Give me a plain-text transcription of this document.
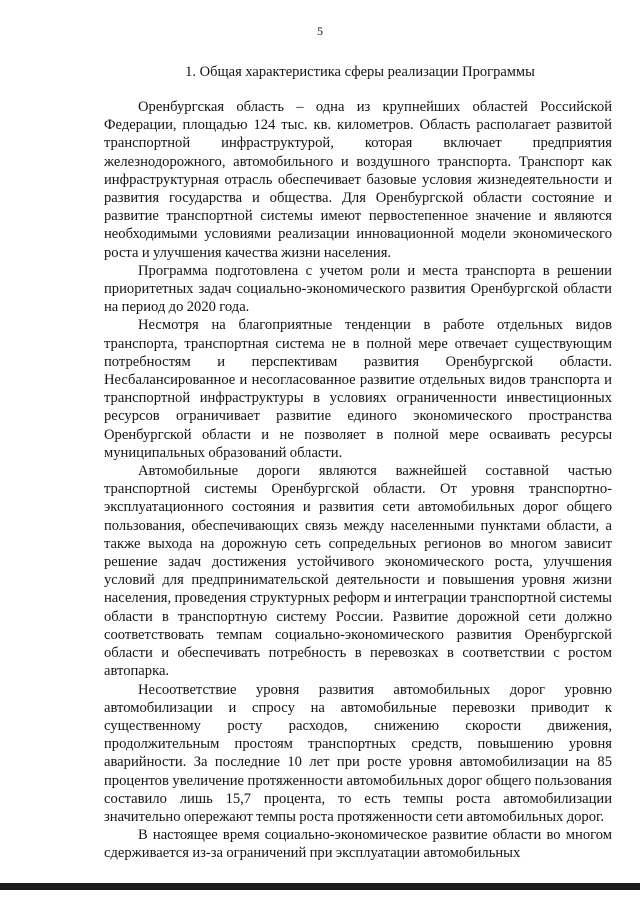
5
1. Общая характеристика сферы реализации Программы

Оренбургская область – одна из крупнейших областей Российской Федерации, площадью 124 тыс. кв. километров. Область располагает развитой транспортной инфраструктурой, которая включает предприятия железнодорожного, автомобильного и воздушного транспорта. Транспорт как инфраструктурная отрасль обеспечивает базовые условия жизнедеятельности и развития государства и общества. Для Оренбургской области состояние и развитие транспортной системы имеют первостепенное значение и являются необходимыми условиями реализации инновационной модели экономического роста и улучшения качества жизни населения.

Программа подготовлена с учетом роли и места транспорта в решении приоритетных задач социально-экономического развития Оренбургской области на период до 2020 года.

Несмотря на благоприятные тенденции в работе отдельных видов транспорта, транспортная система не в полной мере отвечает существующим потребностям и перспективам развития Оренбургской области. Несбалансированное и несогласованное развитие отдельных видов транспорта и транспортной инфраструктуры в условиях ограниченности инвестиционных ресурсов ограничивает развитие единого экономического пространства Оренбургской области и не позволяет в полной мере осваивать ресурсы муниципальных образований области.

Автомобильные дороги являются важнейшей составной частью транспортной системы Оренбургской области. От уровня транспортно-эксплуатационного состояния и развития сети автомобильных дорог общего пользования, обеспечивающих связь между населенными пунктами области, а также выхода на дорожную сеть сопредельных регионов во многом зависит решение задач достижения устойчивого экономического роста, улучшения условий для предпринимательской деятельности и повышения уровня жизни населения, проведения структурных реформ и интеграции транспортной системы области в транспортную систему России. Развитие дорожной сети должно соответствовать темпам социально-экономического развития Оренбургской области и обеспечивать потребность в перевозках в соответствии с ростом автопарка.

Несоответствие уровня развития автомобильных дорог уровню автомобилизации и спросу на автомобильные перевозки приводит к существенному росту расходов, снижению скорости движения, продолжительным простоям транспортных средств, повышению уровня аварийности. За последние 10 лет при росте уровня автомобилизации на 85 процентов увеличение протяженности автомобильных дорог общего пользования составило лишь 15,7 процента, то есть темпы роста автомобилизации значительно опережают темпы роста протяженности сети автомобильных дорог.

В настоящее время социально-экономическое развитие области во многом сдерживается из-за ограничений при эксплуатации автомобильных
